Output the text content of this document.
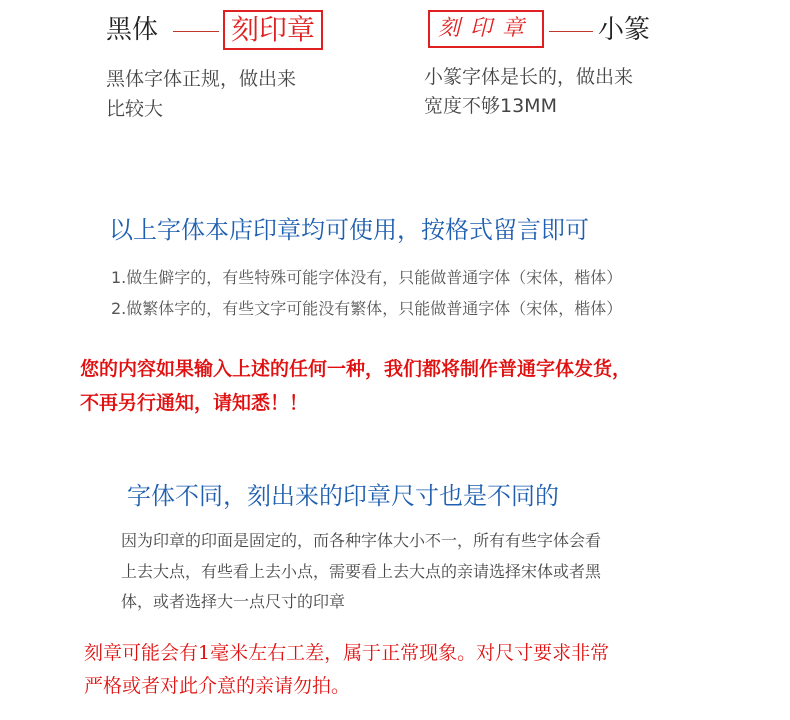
黑体	刻印章
黑体字体正规，做出来
比较大
刻印章	小篆
小篆字体是长的，做出来
宽度不够13MM
以上字体本店印章均可使用，按格式留言即可
1.做生僻字的，有些特殊可能字体没有，只能做普通字体（宋体，楷体）
2.做繁体字的，有些文字可能没有繁体，只能做普通字体（宋体，楷体）
您的内容如果输入上述的任何一种，我们都将制作普通字体发货，
不再另行通知，请知悉！！
字体不同，刻出来的印章尺寸也是不同的
因为印章的印面是固定的，而各种字体大小不一，所有有些字体会看
上去大点，有些看上去小点，需要看上去大点的亲请选择宋体或者黑
体，或者选择大一点尺寸的印章
刻章可能会有1毫米左右工差，属于正常现象。对尺寸要求非常
严格或者对此介意的亲请勿拍。
